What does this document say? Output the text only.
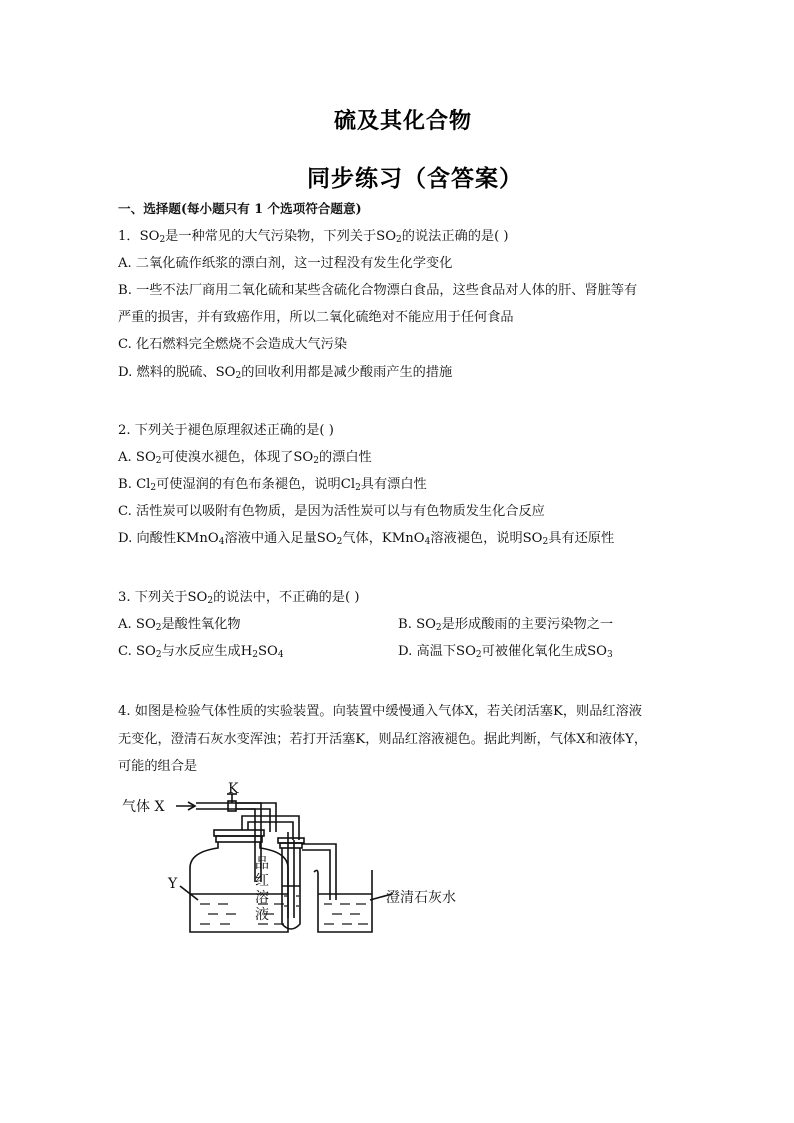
硫及其化合物
同步练习（含答案）
一、选择题(每小题只有 1 个选项符合题意)
1．$SO_2$是一种常见的大气污染物，下列关于$SO_2$的说法正确的是( )
A. 二氧化硫作纸浆的漂白剂，这一过程没有发生化学变化
B. 一些不法厂商用二氧化硫和某些含硫化合物漂白食品，这些食品对人体的肝、肾脏等有
严重的损害，并有致癌作用，所以二氧化硫绝对不能应用于任何食品
C. 化石燃料完全燃烧不会造成大气污染
D. 燃料的脱硫、$SO_2$的回收利用都是减少酸雨产生的措施
2. 下列关于褪色原理叙述正确的是( )
A. $SO_2$可使溴水褪色，体现了$SO_2$的漂白性
B. $Cl_2$可使湿润的有色布条褪色，说明$Cl_2$具有漂白性
C. 活性炭可以吸附有色物质，是因为活性炭可以与有色物质发生化合反应
D. 向酸性KMnO$_4$溶液中通入足量$SO_2$气体，KMnO$_4$溶液褪色，说明$SO_2$具有还原性
3. 下列关于$SO_2$的说法中，不正确的是( )
A. $SO_2$是酸性氧化物	B. $SO_2$是形成酸雨的主要污染物之一
C. $SO_2$与水反应生成$H_2SO_4$	D. 高温下$SO_2$可被催化氧化生成$SO_3$
4. 如图是检验气体性质的实验装置。向装置中缓慢通入气体X，若关闭活塞K，则品红溶液
无变化，澄清石灰水变浑浊；若打开活塞K，则品红溶液褪色。据此判断，气体X和液体Y，
可能的组合是
气体 X
K
Y
品
红
溶
液
澄清石灰水
